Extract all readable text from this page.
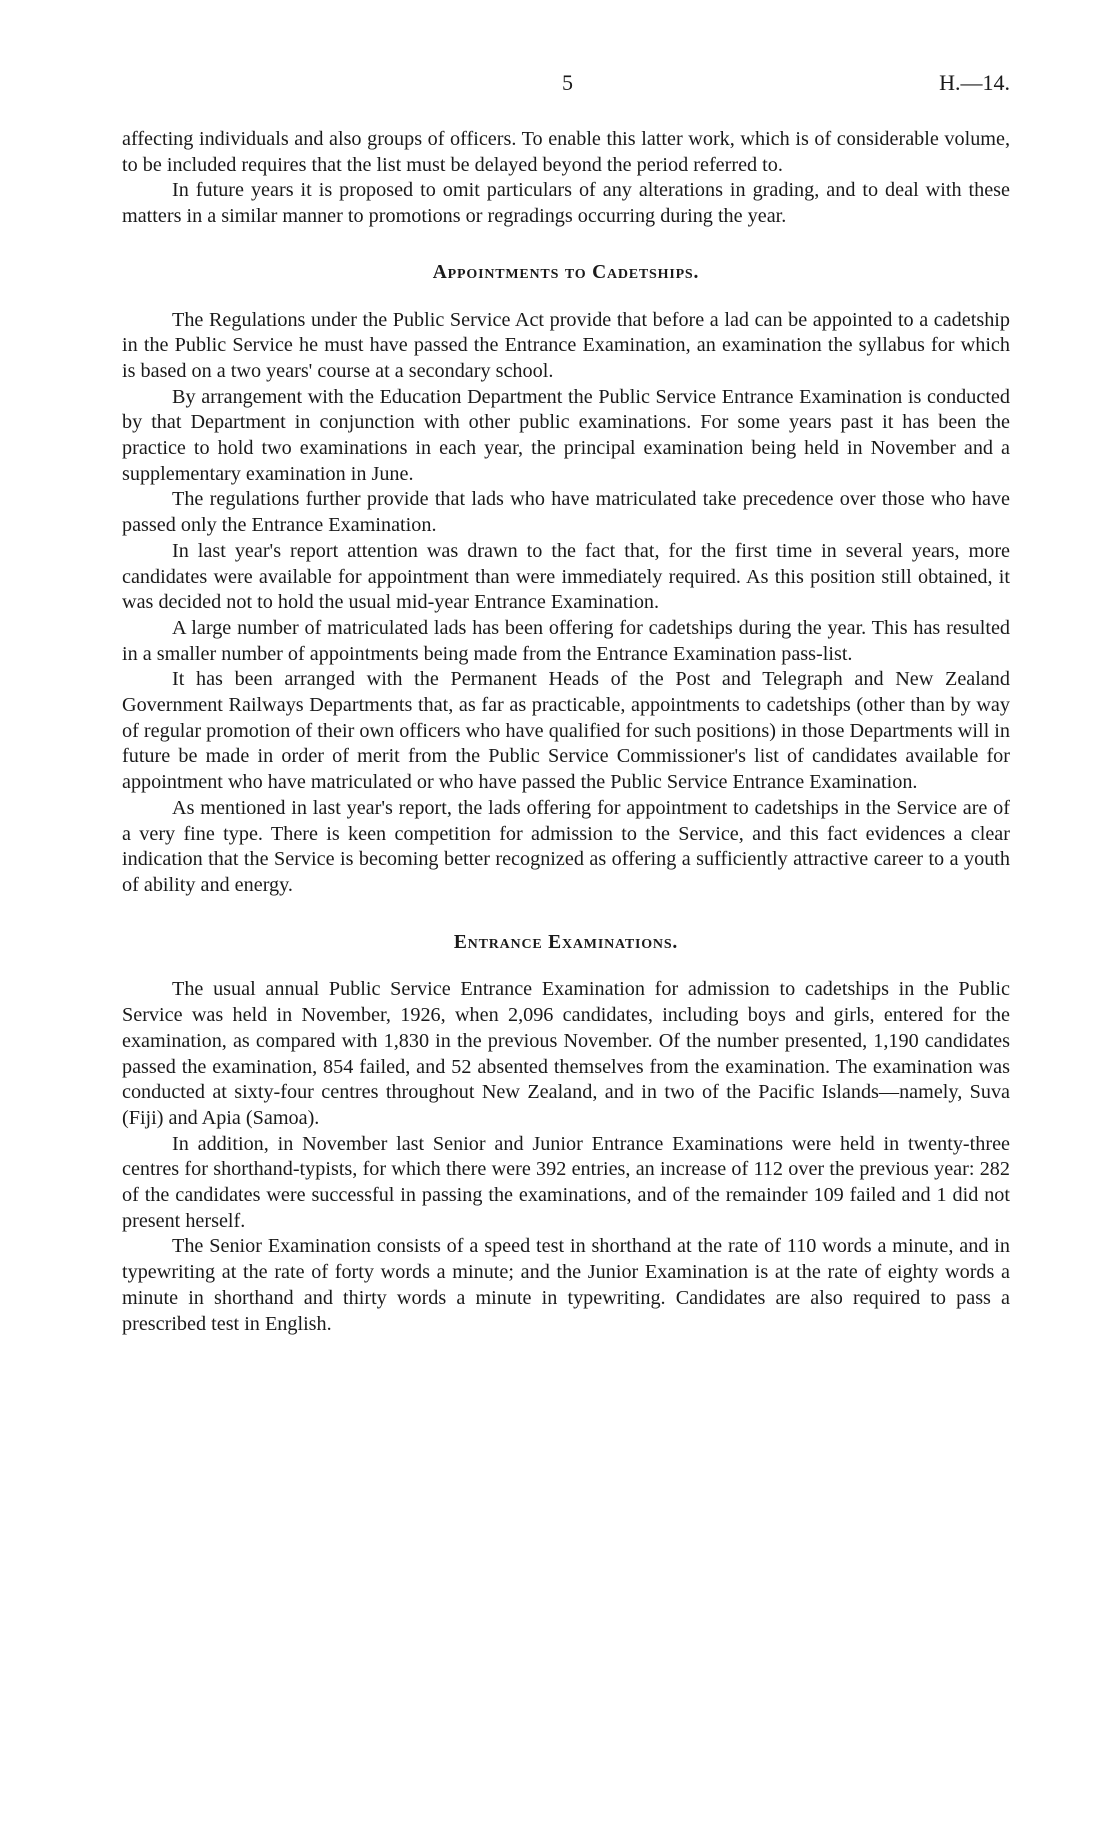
5	H.—14.

affecting individuals and also groups of officers. To enable this latter work, which is of considerable volume, to be included requires that the list must be delayed beyond the period referred to.

In future years it is proposed to omit particulars of any alterations in grading, and to deal with these matters in a similar manner to promotions or regradings occurring during the year.

Appointments to Cadetships.

The Regulations under the Public Service Act provide that before a lad can be appointed to a cadetship in the Public Service he must have passed the Entrance Examination, an examination the syllabus for which is based on a two years' course at a secondary school.

By arrangement with the Education Department the Public Service Entrance Examination is conducted by that Department in conjunction with other public examinations. For some years past it has been the practice to hold two examinations in each year, the principal examination being held in November and a supplementary examination in June.

The regulations further provide that lads who have matriculated take precedence over those who have passed only the Entrance Examination.

In last year's report attention was drawn to the fact that, for the first time in several years, more candidates were available for appointment than were immediately required. As this position still obtained, it was decided not to hold the usual mid-year Entrance Examination.

A large number of matriculated lads has been offering for cadetships during the year. This has resulted in a smaller number of appointments being made from the Entrance Examination pass-list.

It has been arranged with the Permanent Heads of the Post and Telegraph and New Zealand Government Railways Departments that, as far as practicable, appointments to cadetships (other than by way of regular promotion of their own officers who have qualified for such positions) in those Departments will in future be made in order of merit from the Public Service Commissioner's list of candidates available for appointment who have matriculated or who have passed the Public Service Entrance Examination.

As mentioned in last year's report, the lads offering for appointment to cadetships in the Service are of a very fine type. There is keen competition for admission to the Service, and this fact evidences a clear indication that the Service is becoming better recognized as offering a sufficiently attractive career to a youth of ability and energy.

Entrance Examinations.

The usual annual Public Service Entrance Examination for admission to cadetships in the Public Service was held in November, 1926, when 2,096 candidates, including boys and girls, entered for the examination, as compared with 1,830 in the previous November. Of the number presented, 1,190 candidates passed the examination, 854 failed, and 52 absented themselves from the examination. The examination was conducted at sixty-four centres throughout New Zealand, and in two of the Pacific Islands—namely, Suva (Fiji) and Apia (Samoa).

In addition, in November last Senior and Junior Entrance Examinations were held in twenty-three centres for shorthand-typists, for which there were 392 entries, an increase of 112 over the previous year: 282 of the candidates were successful in passing the examinations, and of the remainder 109 failed and 1 did not present herself.

The Senior Examination consists of a speed test in shorthand at the rate of 110 words a minute, and in typewriting at the rate of forty words a minute; and the Junior Examination is at the rate of eighty words a minute in shorthand and thirty words a minute in typewriting. Candidates are also required to pass a prescribed test in English.
